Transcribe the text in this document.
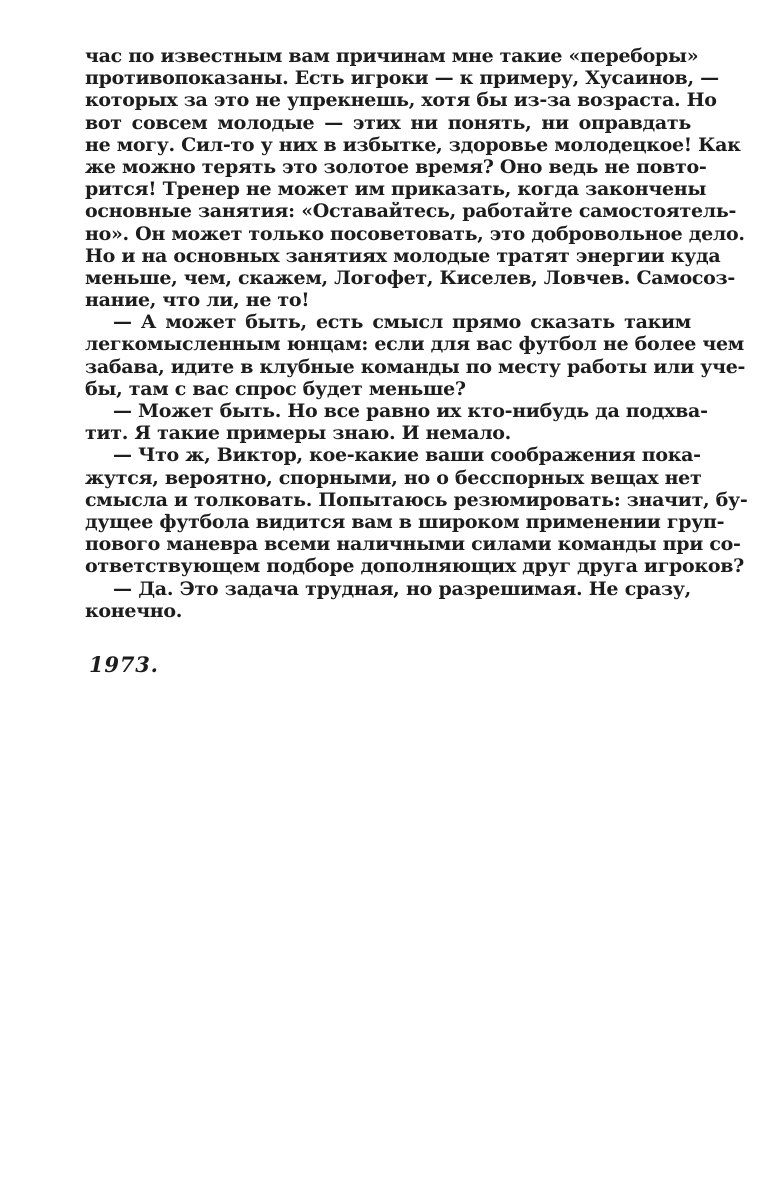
час по известным вам причинам мне такие «переборы»
противопоказаны. Есть игроки — к примеру, Хусаинов, —
которых за это не упрекнешь, хотя бы из-за возраста. Но
вот совсем молодые — этих ни понять, ни оправдать
не могу. Сил-то у них в избытке, здоровье молодецкое! Как
же можно терять это золотое время? Оно ведь не повто-
рится! Тренер не может им приказать, когда закончены
основные занятия: «Оставайтесь, работайте самостоятель-
но». Он может только посоветовать, это добровольное дело.
Но и на основных занятиях молодые тратят энергии куда
меньше, чем, скажем, Логофет, Киселев, Ловчев. Самосоз-
нание, что ли, не то!
— А может быть, есть смысл прямо сказать таким
легкомысленным юнцам: если для вас футбол не более чем
забава, идите в клубные команды по месту работы или уче-
бы, там с вас спрос будет меньше?
— Может быть. Но все равно их кто-нибудь да подхва-
тит. Я такие примеры знаю. И немало.
— Что ж, Виктор, кое-какие ваши соображения пока-
жутся, вероятно, спорными, но о бесспорных вещах нет
смысла и толковать. Попытаюсь резюмировать: значит, бу-
дущее футбола видится вам в широком применении груп-
пового маневра всеми наличными силами команды при со-
ответствующем подборе дополняющих друг друга игроков?
— Да. Это задача трудная, но разрешимая. Не сразу,
конечно.
1973.
